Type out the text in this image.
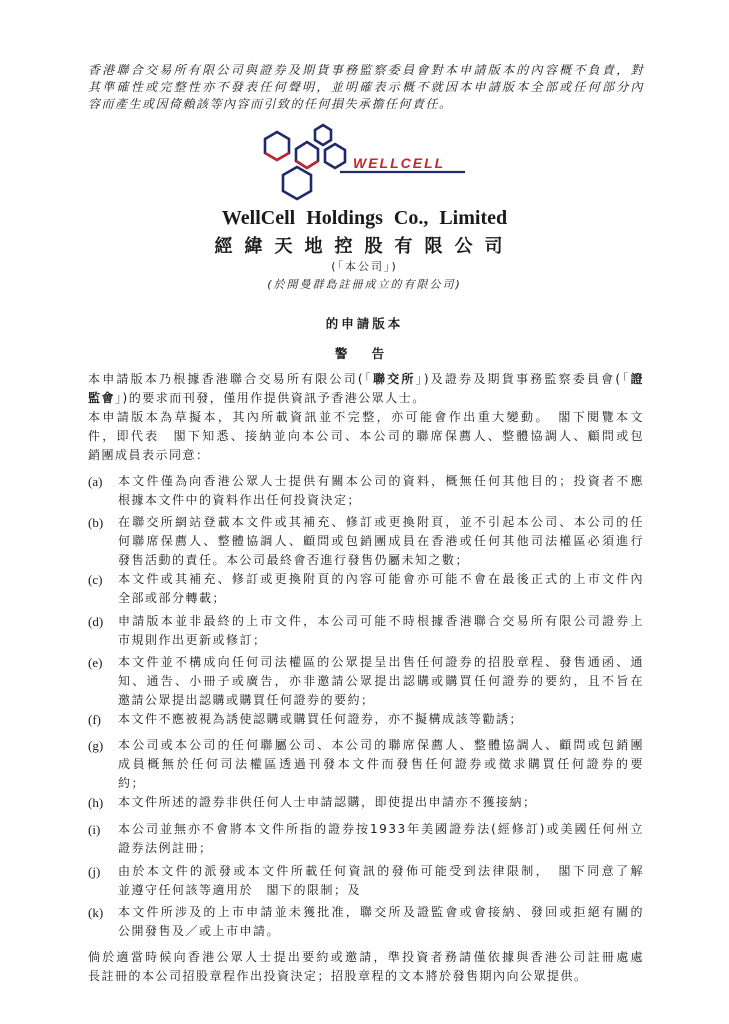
香港聯合交易所有限公司與證券及期貨事務監察委員會對本申請版本的內容概不負責，對
其準確性或完整性亦不發表任何聲明，並明確表示概不就因本申請版本全部或任何部分內
容而產生或因倚賴該等內容而引致的任何損失承擔任何責任。
WELLCELL
WellCell Holdings Co., Limited
經緯天地控股有限公司
(「本公司」)
(於開曼群島註冊成立的有限公司)
的申請版本
警 告
本申請版本乃根據香港聯合交易所有限公司(「聯交所」)及證券及期貨事務監察委員會(「證
監會」)的要求而刊發，僅用作提供資訊予香港公眾人士。
本申請版本為草擬本，其內所載資訊並不完整，亦可能會作出重大變動。　閣下閱覽本文
件，即代表　閣下知悉、接納並向本公司、本公司的聯席保薦人、整體協調人、顧問或包
銷團成員表示同意：
(a) 本文件僅為向香港公眾人士提供有關本公司的資料，概無任何其他目的；投資者不應
根據本文件中的資料作出任何投資決定；
(b) 在聯交所網站登載本文件或其補充、修訂或更換附頁，並不引起本公司、本公司的任
何聯席保薦人、整體協調人、顧問或包銷團成員在香港或任何其他司法權區必須進行
發售活動的責任。本公司最終會否進行發售仍屬未知之數；
(c) 本文件或其補充、修訂或更換附頁的內容可能會亦可能不會在最後正式的上市文件內
全部或部分轉載；
(d) 申請版本並非最終的上市文件，本公司可能不時根據香港聯合交易所有限公司證券上
市規則作出更新或修訂；
(e) 本文件並不構成向任何司法權區的公眾提呈出售任何證券的招股章程、發售通函、通
知、通告、小冊子或廣告，亦非邀請公眾提出認購或購買任何證券的要約，且不旨在
邀請公眾提出認購或購買任何證券的要約；
(f) 本文件不應被視為誘使認購或購買任何證券，亦不擬構成該等勸誘；
(g) 本公司或本公司的任何聯屬公司、本公司的聯席保薦人、整體協調人、顧問或包銷團
成員概無於任何司法權區透過刊發本文件而發售任何證券或徵求購買任何證券的要
約；
(h) 本文件所述的證券非供任何人士申請認購，即使提出申請亦不獲接納；
(i) 本公司並無亦不會將本文件所指的證券按1933年美國證券法(經修訂)或美國任何州立
證券法例註冊；
(j) 由於本文件的派發或本文件所載任何資訊的發佈可能受到法律限制，　閣下同意了解
並遵守任何該等適用於　閣下的限制；及
(k) 本文件所涉及的上市申請並未獲批准，聯交所及證監會或會接納、發回或拒絕有關的
公開發售及／或上市申請。
倘於適當時候向香港公眾人士提出要約或邀請，準投資者務請僅依據與香港公司註冊處處
長註冊的本公司招股章程作出投資決定；招股章程的文本將於發售期內向公眾提供。
